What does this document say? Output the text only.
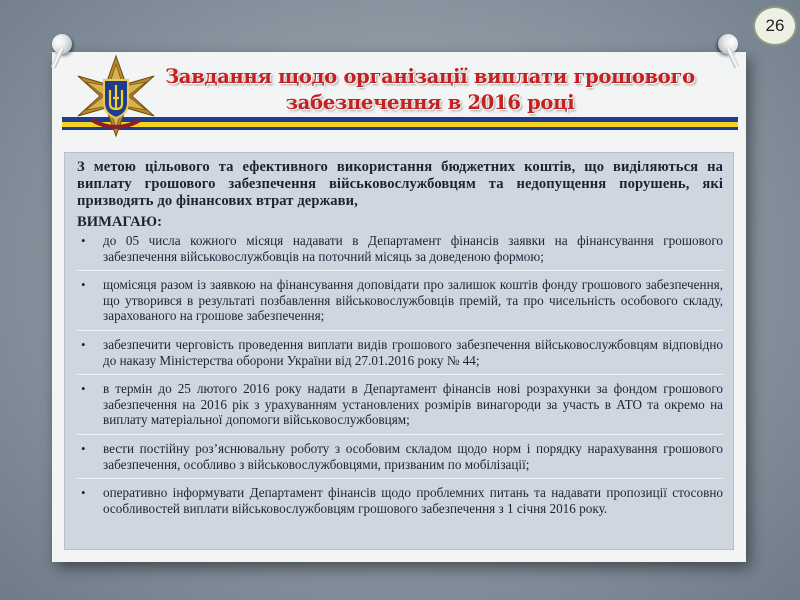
26
Завдання щодо організації виплати грошового
забезпечення в 2016 році

З метою цільового та ефективного використання бюджетних коштів, що виділяються на виплату грошового забезпечення військовослужбовцям та недопущення порушень, які призводять до фінансових втрат держави,

ВИМАГАЮ:
• до 05 числа кожного місяця надавати в Департамент фінансів заявки на фінансування грошового забезпечення військовослужбовців на поточний місяць за доведеною формою;
• щомісяця разом із заявкою на фінансування доповідати про залишок коштів фонду грошового забезпечення, що утворився в результаті позбавлення військовослужбовців премій, та про чисельність особового складу, зарахованого на грошове забезпечення;
• забезпечити черговість проведення виплати видів грошового забезпечення військовослужбовцям відповідно до наказу Міністерства оборони України від 27.01.2016 року № 44;
• в термін до 25 лютого 2016 року надати в Департамент фінансів нові розрахунки за фондом грошового забезпечення на 2016 рік з урахуванням установлених розмірів винагороди за участь в АТО та окремо на виплату матеріальної допомоги військовослужбовцям;
• вести постійну роз’яснювальну роботу з особовим складом щодо норм і порядку нарахування грошового забезпечення, особливо з військовослужбовцями, призваним по мобілізації;
• оперативно інформувати Департамент фінансів щодо проблемних питань та надавати пропозиції стосовно особливостей виплати військовослужбовцям грошового забезпечення з 1 січня 2016 року.
